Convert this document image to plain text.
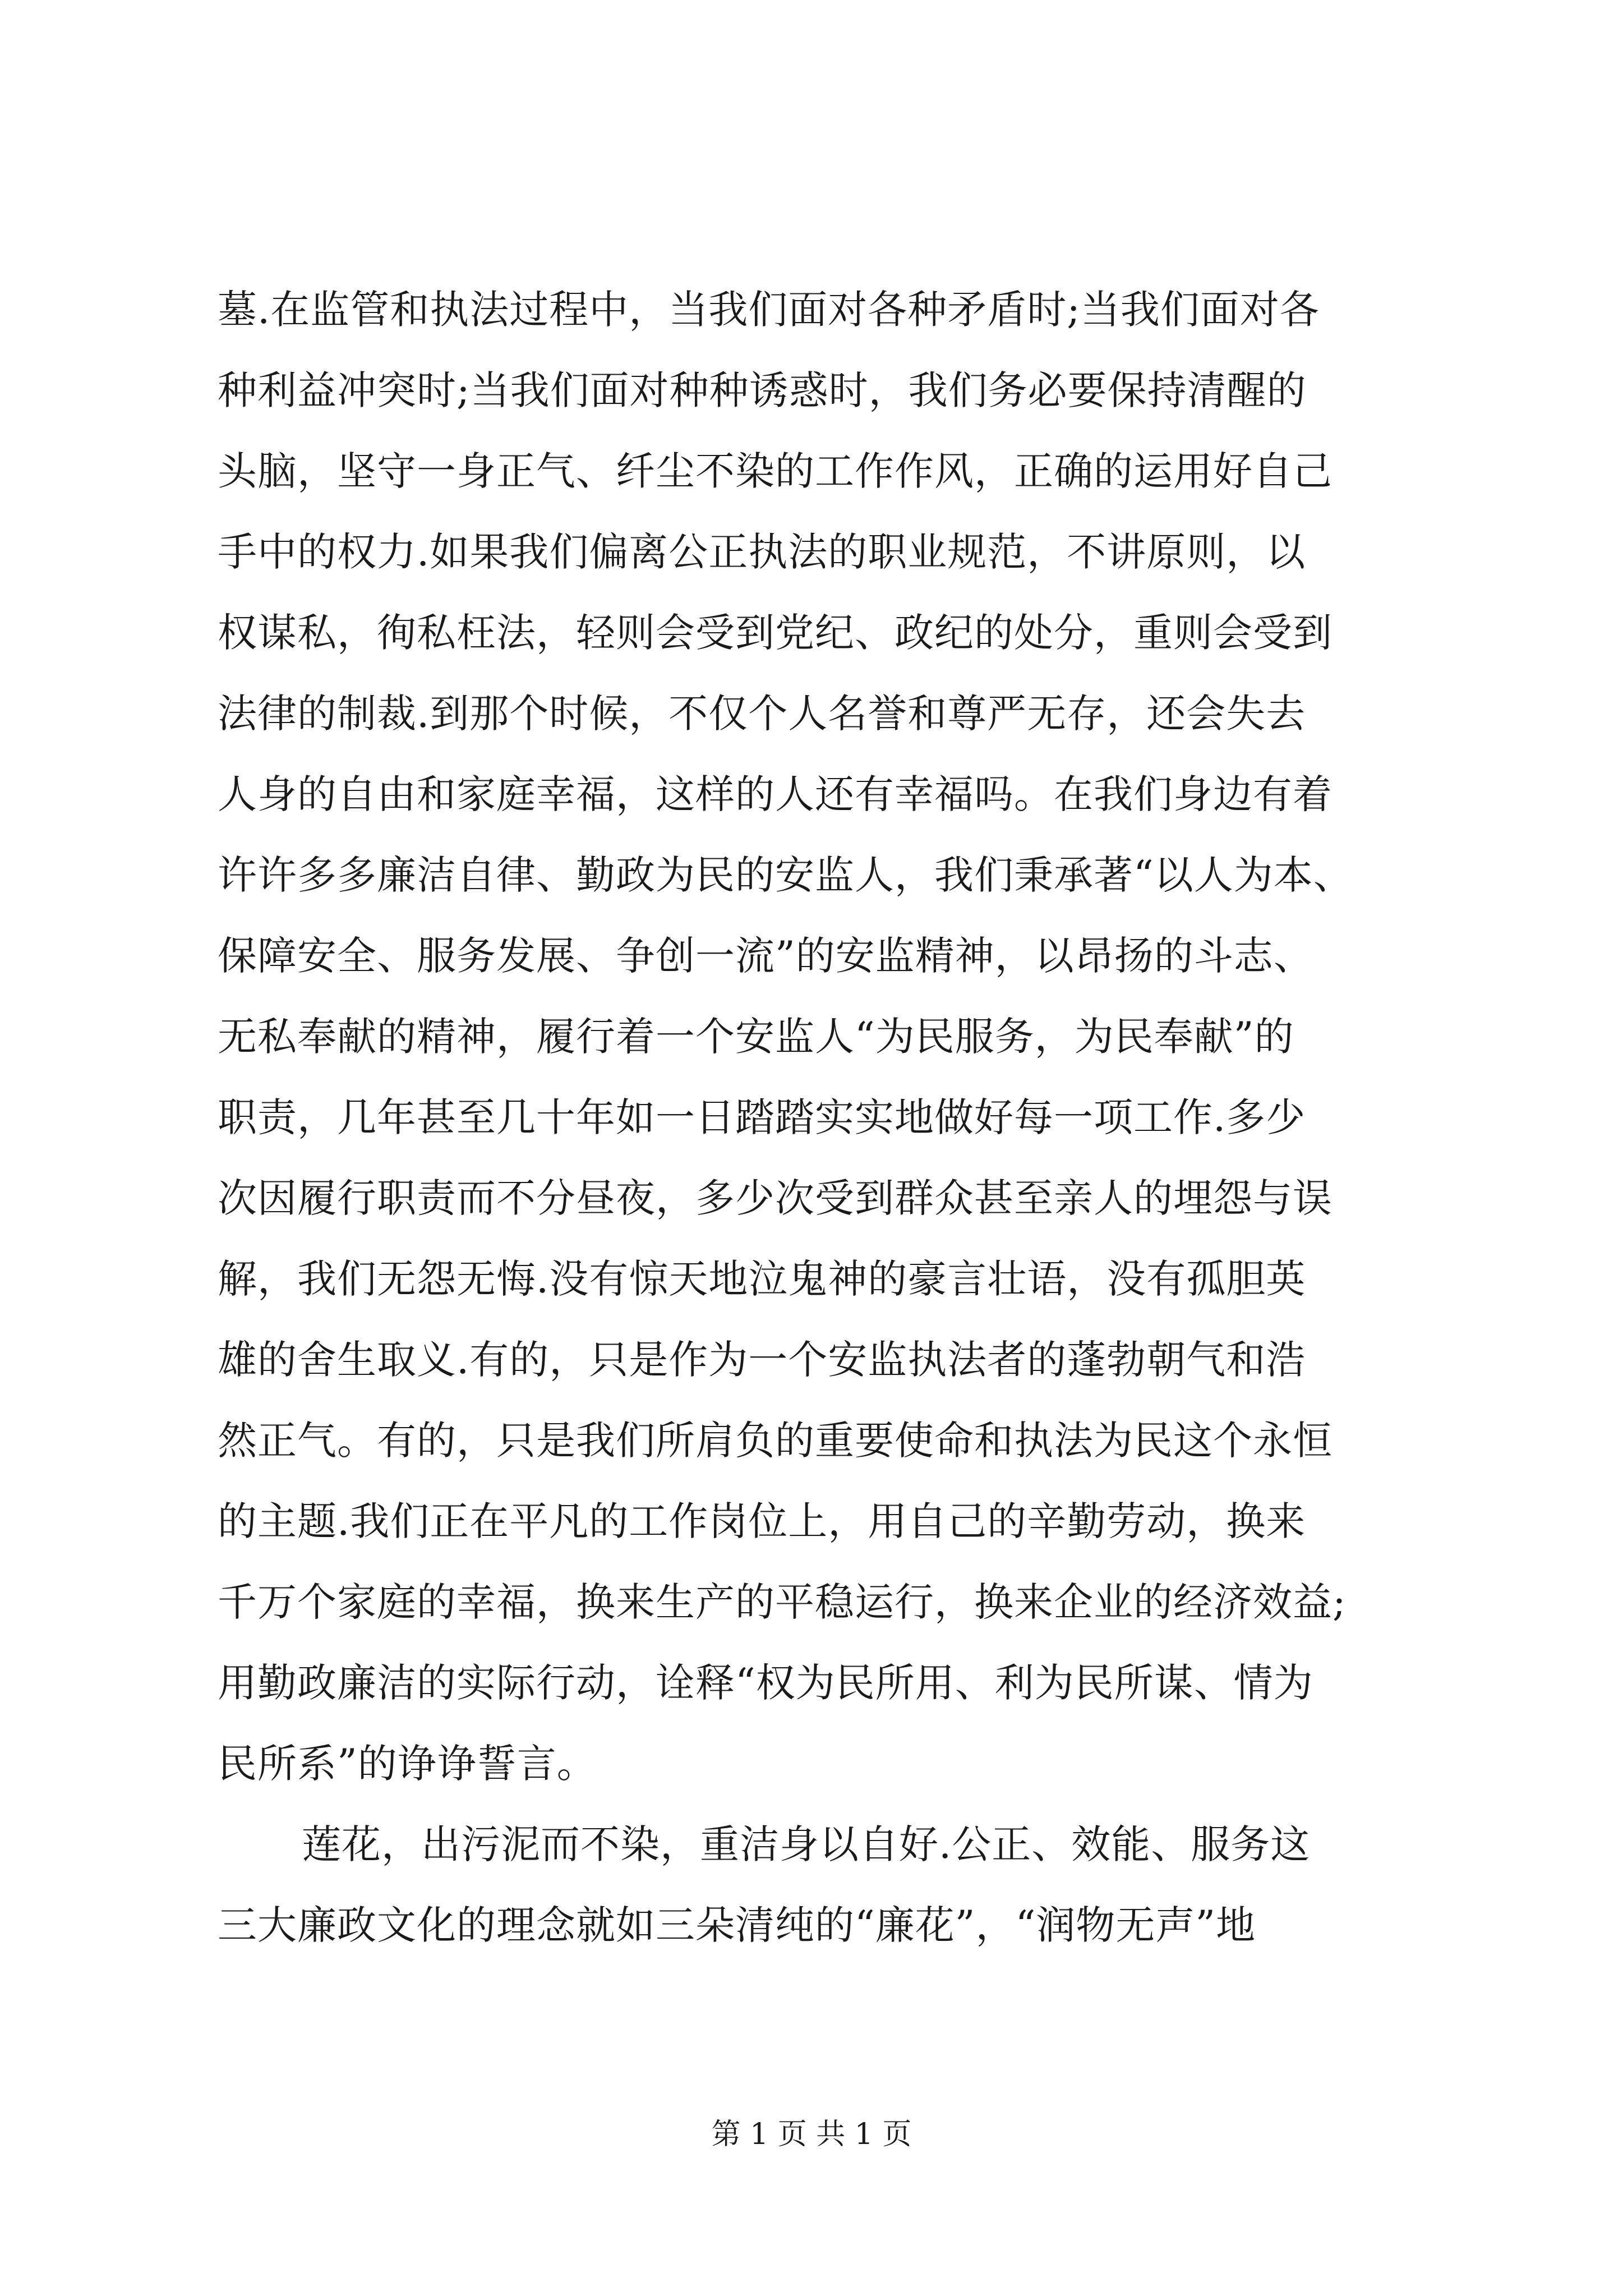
墓.在监管和执法过程中，当我们面对各种矛盾时;当我们面对各
种利益冲突时;当我们面对种种诱惑时，我们务必要保持清醒的
头脑，坚守一身正气、纤尘不染的工作作风，正确的运用好自己
手中的权力.如果我们偏离公正执法的职业规范，不讲原则，以
权谋私，徇私枉法，轻则会受到党纪、政纪的处分，重则会受到
法律的制裁.到那个时候，不仅个人名誉和尊严无存，还会失去
人身的自由和家庭幸福，这样的人还有幸福吗。在我们身边有着
许许多多廉洁自律、勤政为民的安监人，我们秉承著“以人为本、
保障安全、服务发展、争创一流”的安监精神，以昂扬的斗志、
无私奉献的精神，履行着一个安监人“为民服务，为民奉献”的
职责，几年甚至几十年如一日踏踏实实地做好每一项工作.多少
次因履行职责而不分昼夜，多少次受到群众甚至亲人的埋怨与误
解，我们无怨无悔.没有惊天地泣鬼神的豪言壮语，没有孤胆英
雄的舍生取义.有的，只是作为一个安监执法者的蓬勃朝气和浩
然正气。有的，只是我们所肩负的重要使命和执法为民这个永恒
的主题.我们正在平凡的工作岗位上，用自己的辛勤劳动，换来
千万个家庭的幸福，换来生产的平稳运行，换来企业的经济效益;
用勤政廉洁的实际行动，诠释“权为民所用、利为民所谋、情为
民所系”的诤诤誓言。
莲花，出污泥而不染，重洁身以自好.公正、效能、服务这
三大廉政文化的理念就如三朵清纯的“廉花”，“润物无声”地
第 1 页 共 1 页
